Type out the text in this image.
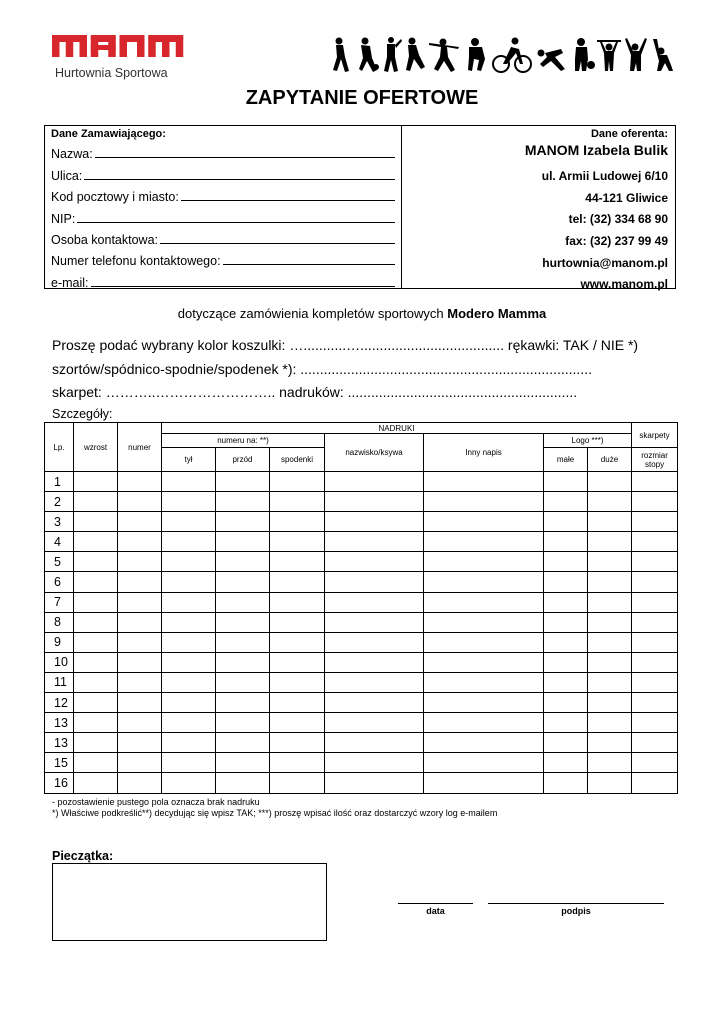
Hurtownia Sportowa
ZAPYTANIE OFERTOWE
Dane Zamawiającego:
Nazwa:
Ulica:
Kod pocztowy i miasto:
NIP:
Osoba kontaktowa:
Numer telefonu kontaktowego:
e-mail:
Dane oferenta:
MANOM Izabela Bulik
ul. Armii Ludowej 6/10
44-121 Gliwice
tel: (32) 334 68 90
fax: (32) 237 99 49
hurtownia@manom.pl
www.manom.pl
dotyczące zamówienia kompletów sportowych Modero Mamma
Proszę podać wybrany kolor koszulki: …...........…..................................... rękawki: TAK / NIE *)
szortów/spódnico-spodnie/spodenek *): ...........................................................................
skarpet: ………..…………………….. nadruków: ...........................................................
Szczegóły:
Lp.	wzrost	numer	NADRUKI							skarpety
			numeru na: **)			nazwisko/ksywa	Inny napis	Logo ***)		
			tył	przód	spodenki			małe	duże	rozmiar stopy
1										
2										
3										
4										
5										
6										
7										
8										
9										
10										
11										
12										
13										
13										
15										
16										
- pozostawienie pustego pola oznacza brak nadruku
*) Właściwe podkreślić**) decydując się wpisz TAK; ***) proszę wpisać ilość oraz dostarczyć wzory log e-mailem
Pieczątka:
data	podpis
